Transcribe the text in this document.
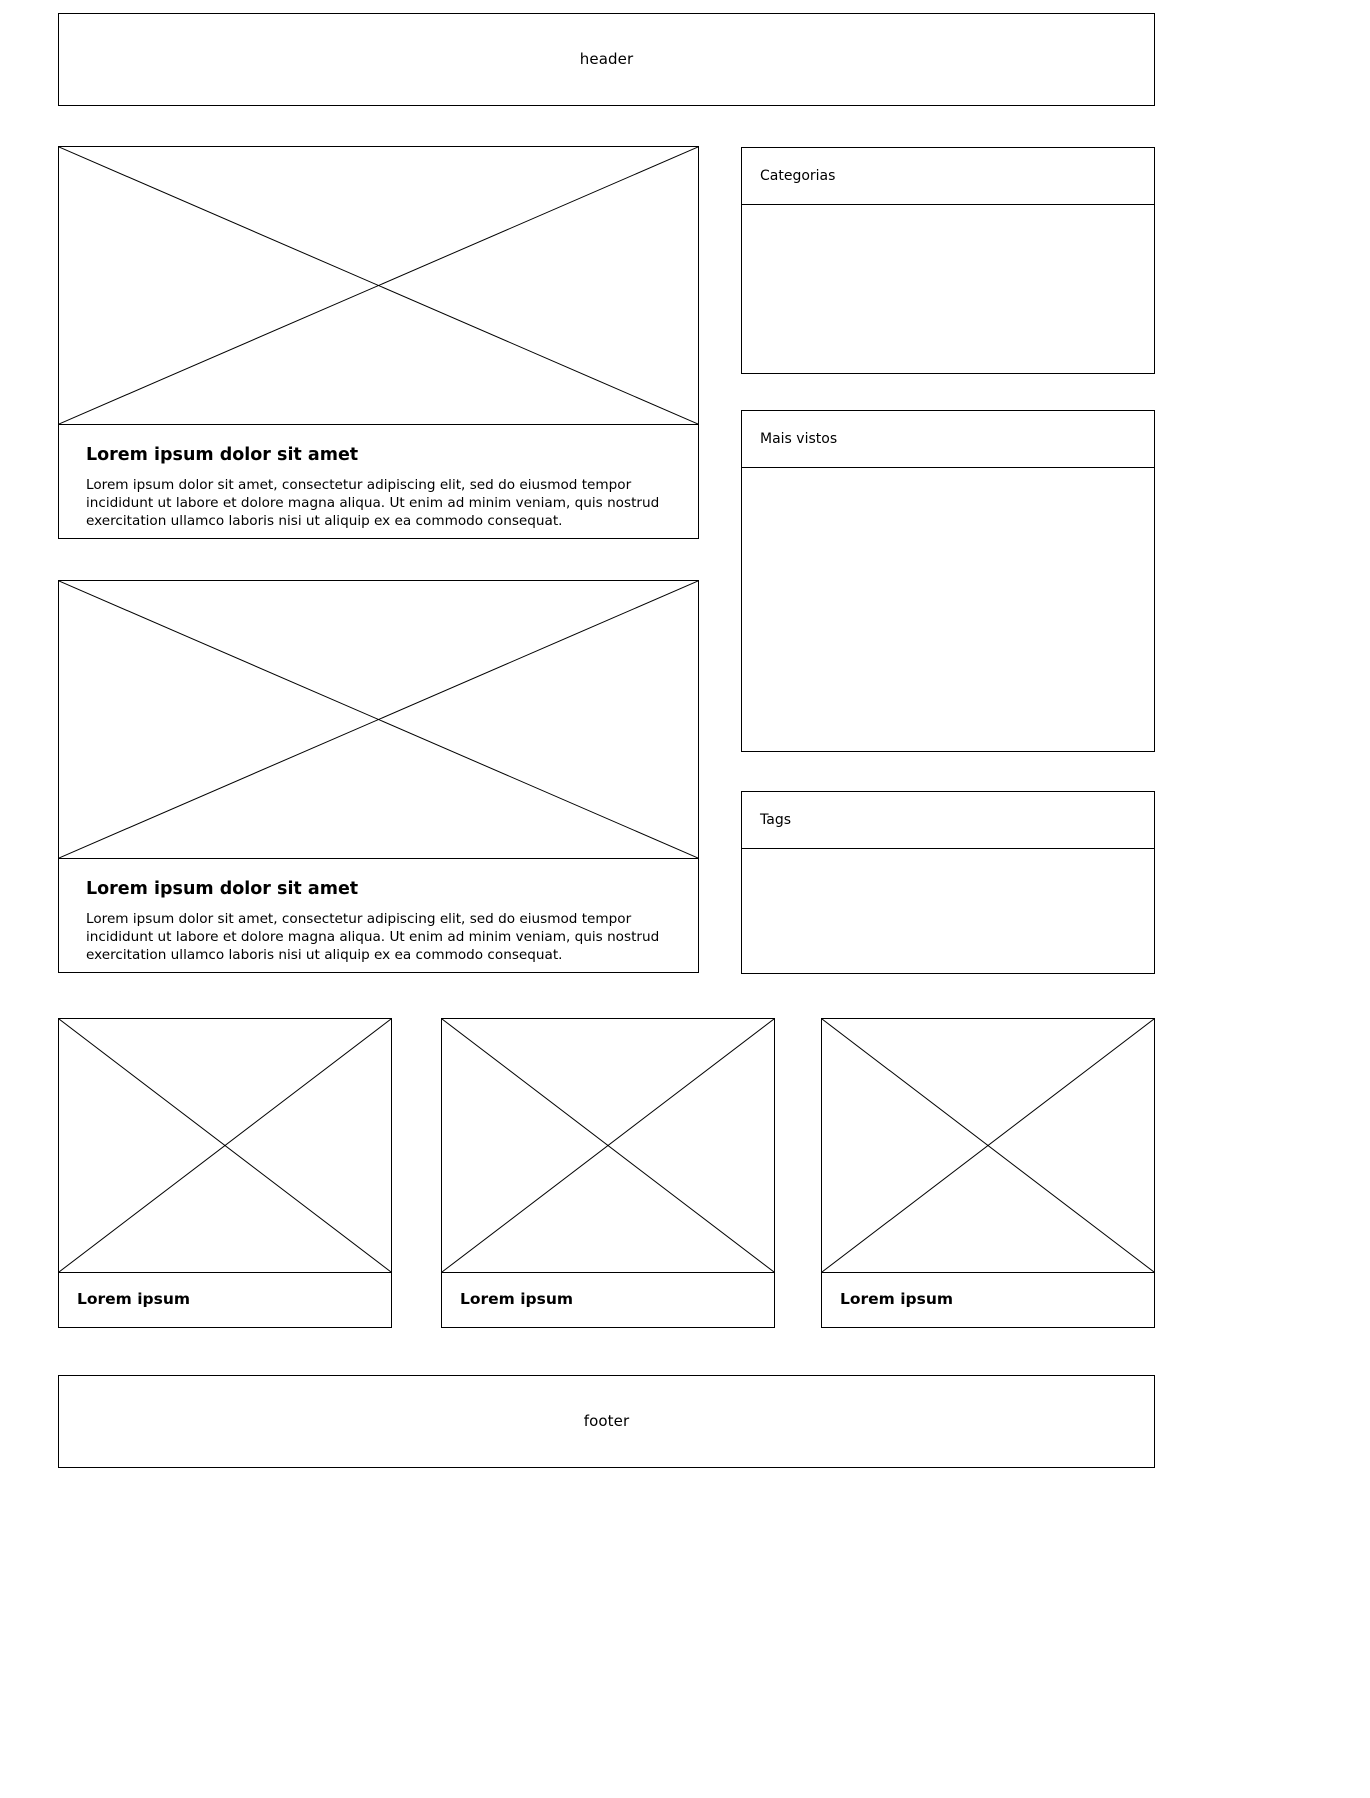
header
Lorem ipsum dolor sit amet
Lorem ipsum dolor sit amet, consectetur adipiscing elit, sed do eiusmod tempor incididunt ut labore et dolore magna aliqua. Ut enim ad minim veniam, quis nostrud exercitation ullamco laboris nisi ut aliquip ex ea commodo consequat.
Lorem ipsum dolor sit amet
Lorem ipsum dolor sit amet, consectetur adipiscing elit, sed do eiusmod tempor incididunt ut labore et dolore magna aliqua. Ut enim ad minim veniam, quis nostrud exercitation ullamco laboris nisi ut aliquip ex ea commodo consequat.
Categorias
Mais vistos
Tags
Lorem ipsum	Lorem ipsum	Lorem ipsum
footer
